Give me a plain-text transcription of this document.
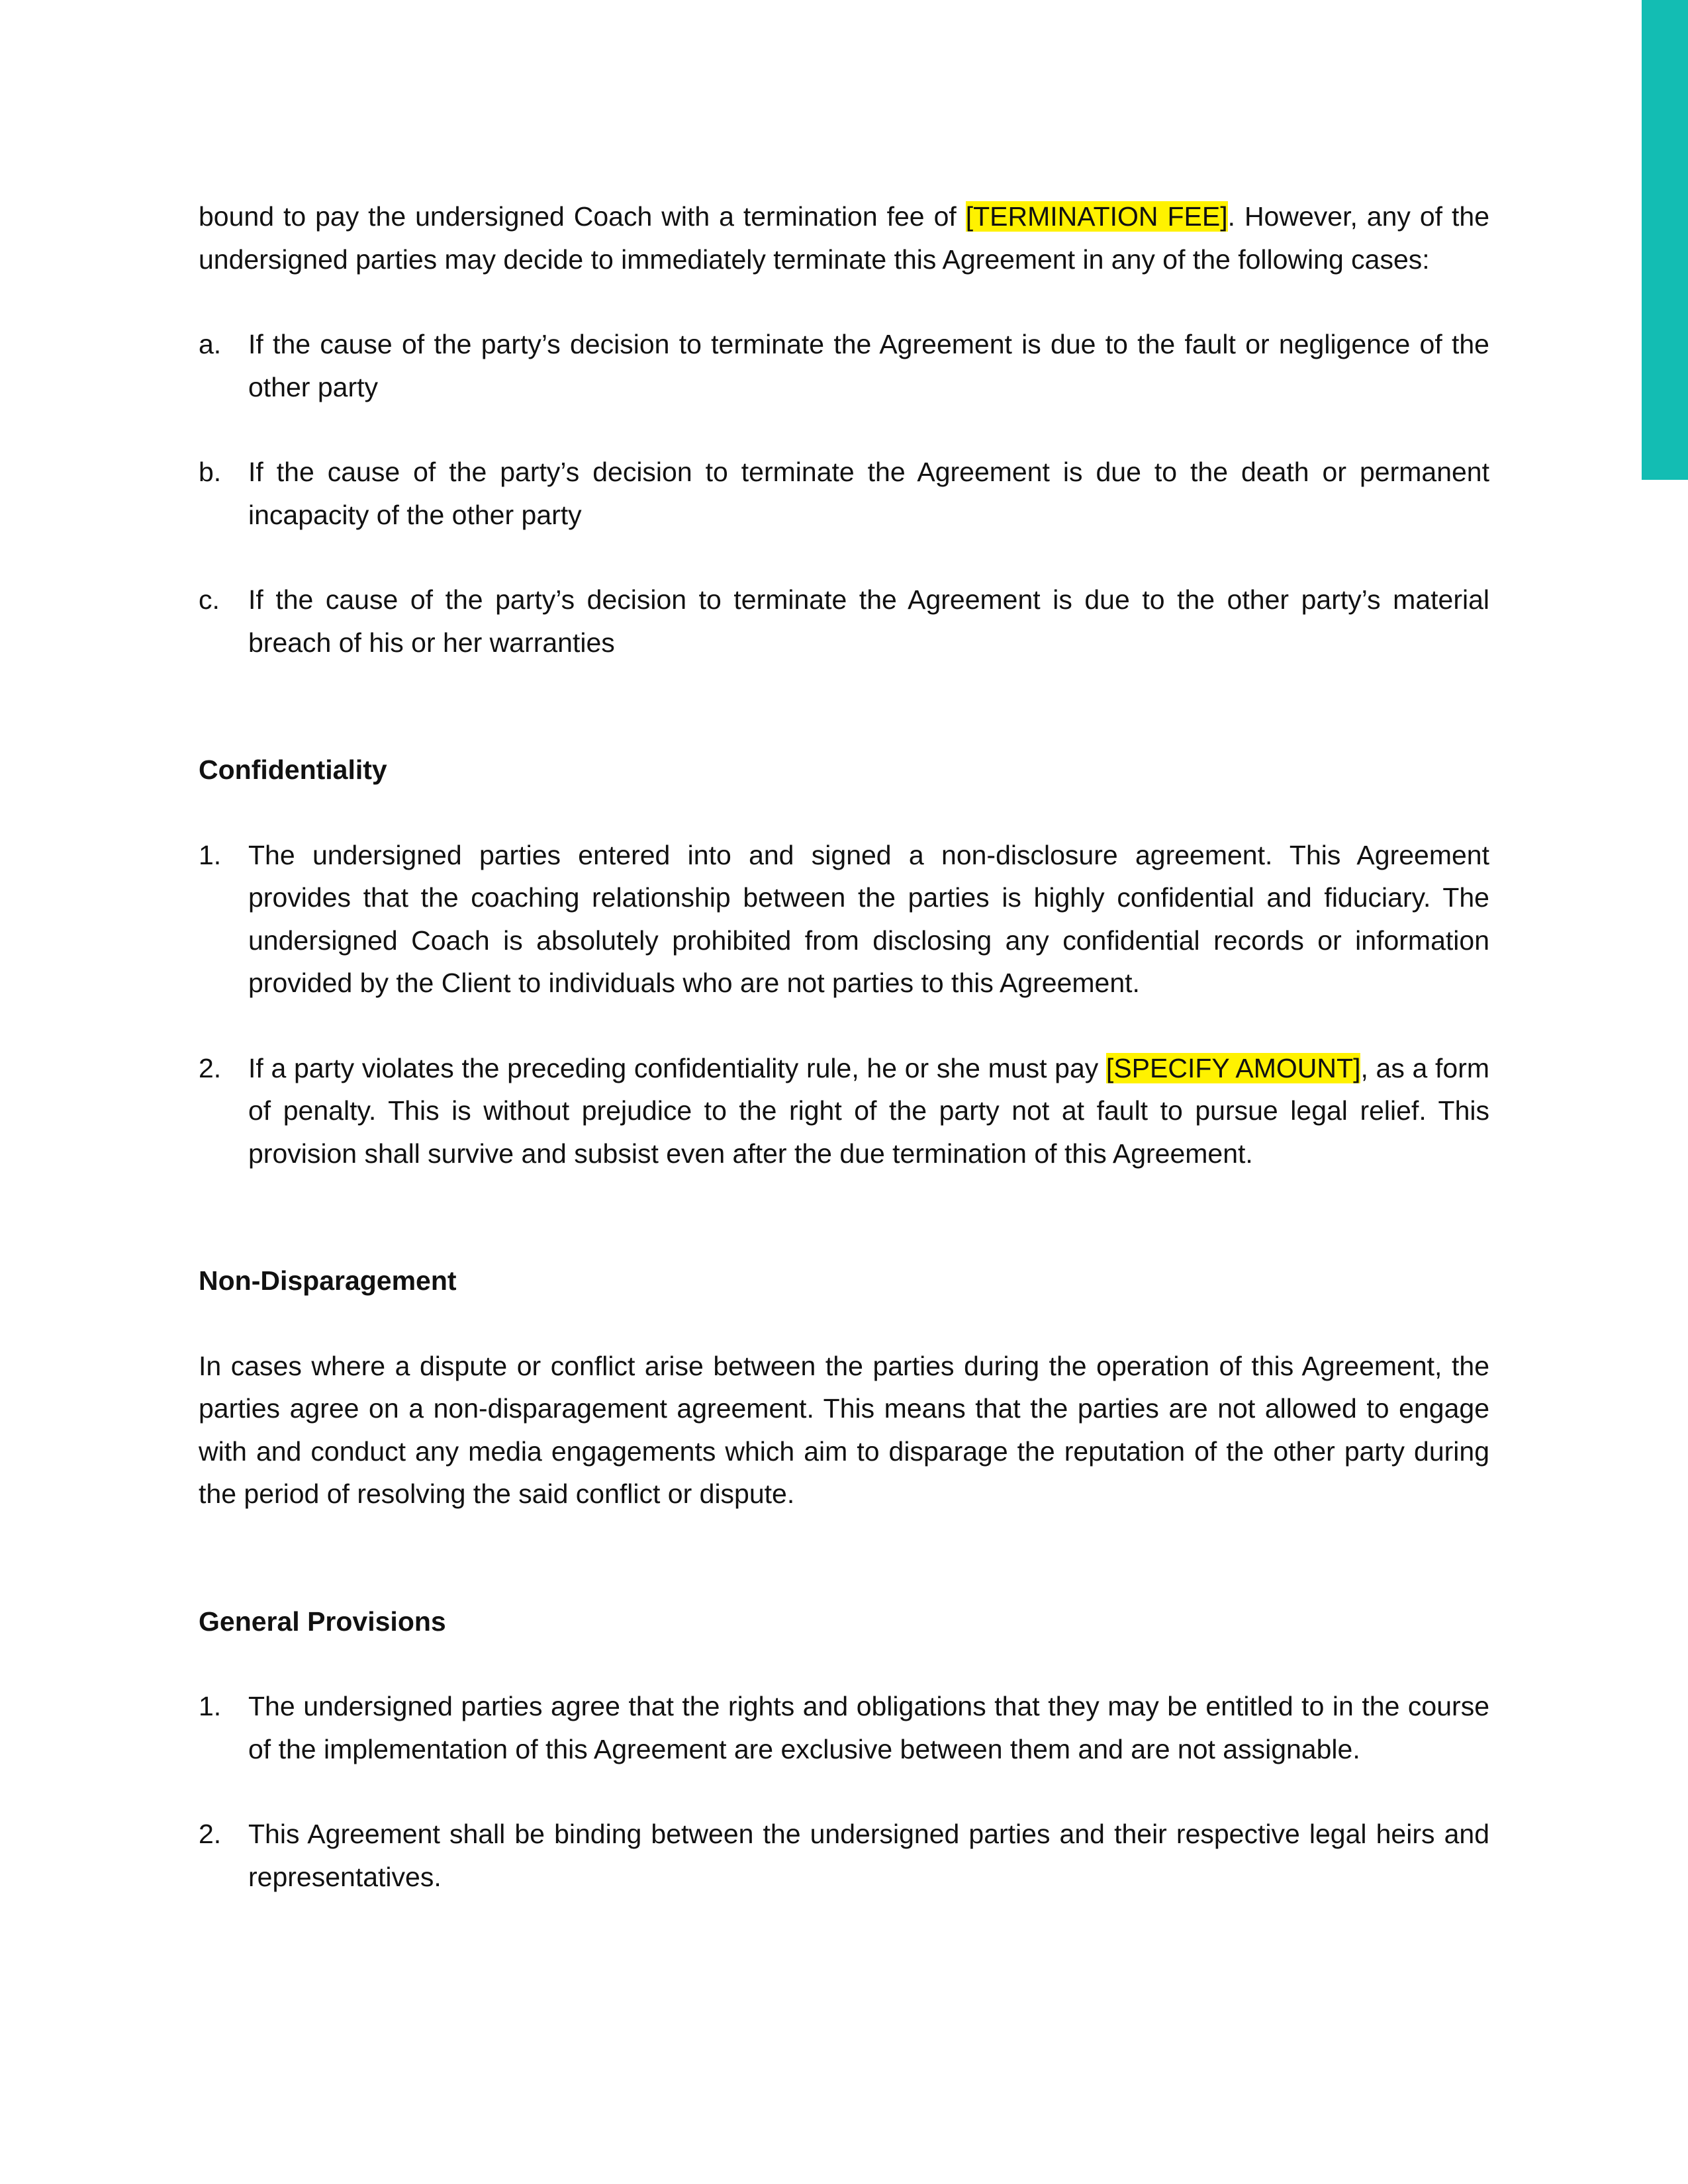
bound to pay the undersigned Coach with a termination fee of [TERMINATION FEE]. However, any of the undersigned parties may decide to immediately terminate this Agreement in any of the following cases:

a. If the cause of the party’s decision to terminate the Agreement is due to the fault or negligence of the other party
b. If the cause of the party’s decision to terminate the Agreement is due to the death or permanent incapacity of the other party
c.	If the cause of the party’s decision to terminate the Agreement is due to the other party’s material breach of his or her warranties

Confidentiality

1. The undersigned parties entered into and signed a non-disclosure agreement. This Agreement provides that the coaching relationship between the parties is highly confidential and fiduciary. The undersigned Coach is absolutely prohibited from disclosing any confidential records or information provided by the Client to individuals who are not parties to this Agreement.
2. If a party violates the preceding confidentiality rule, he or she must pay [SPECIFY AMOUNT], as a form of penalty. This is without prejudice to the right of the party not at fault to pursue legal relief. This provision shall survive and subsist even after the due termination of this Agreement.

Non-Disparagement

In cases where a dispute or conflict arise between the parties during the operation of this Agreement, the parties agree on a non-disparagement agreement. This means that the parties are not allowed to engage with and conduct any media engagements which aim to disparage the reputation of the other party during the period of resolving the said conflict or dispute.

General Provisions

1. The undersigned parties agree that the rights and obligations that they may be entitled to in the course of the implementation of this Agreement are exclusive between them and are not assignable.
2. This Agreement shall be binding between the undersigned parties and their respective legal heirs and representatives.
